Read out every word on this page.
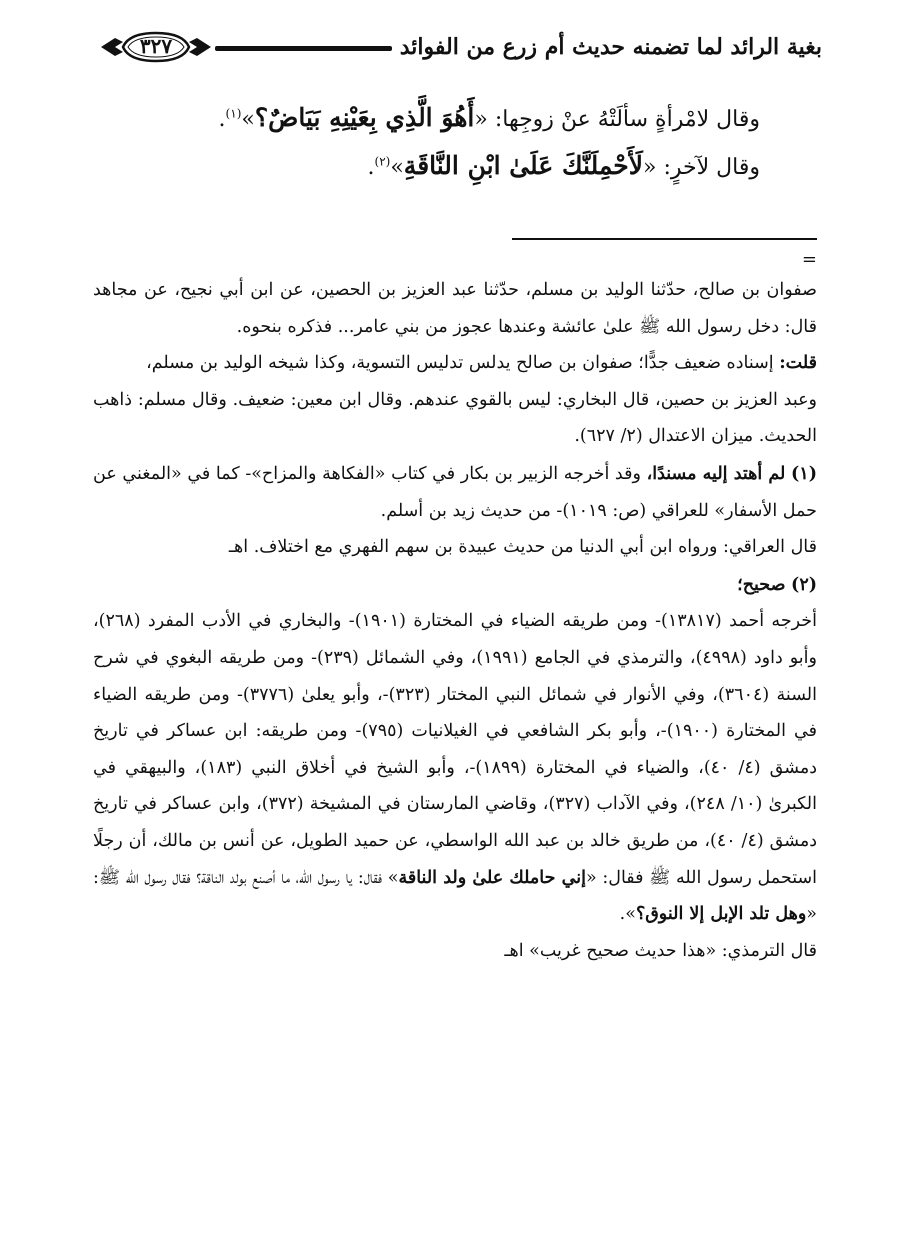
بغية الرائد لما تضمنه حديث أم زرع من الفوائد
٣٢٧

وقال لامْرأةٍ سألَتْهُ عنْ زوجِها: «أَهُوَ الَّذِي بِعَيْنِهِ بَيَاضٌ؟»$^{(١)}$.

وقال لآخرٍ: «لَأَحْمِلَنَّكَ عَلَىٰ ابْنِ النَّاقَةِ»$^{(٢)}$.

=

صفوان بن صالح، حدّثنا الوليد بن مسلم، حدّثنا عبد العزيز بن الحصين، عن ابن أبي نجيح، عن مجاهد قال: دخل رسول الله ﷺ علىٰ عائشة وعندها عجوز من بني عامر... فذكره بنحوه.

قلت: إسناده ضعيف جدًّا؛ صفوان بن صالح يدلس تدليس التسوية، وكذا شيخه الوليد بن مسلم،

وعبد العزيز بن حصين، قال البخاري: ليس بالقوي عندهم. وقال ابن معين: ضعيف. وقال مسلم: ذاهب الحديث. ميزان الاعتدال (٢/ ٦٢٧).

(١) لم أهتد إليه مسندًا، وقد أخرجه الزبير بن بكار في كتاب «الفكاهة والمزاح»- كما في «المغني عن حمل الأسفار» للعراقي (ص: ١٠١٩)- من حديث زيد بن أسلم.

قال العراقي: ورواه ابن أبي الدنيا من حديث عبيدة بن سهم الفهري مع اختلاف. اهـ

(٢) صحيح؛

أخرجه أحمد (١٣٨١٧)- ومن طريقه الضياء في المختارة (١٩٠١)- والبخاري في الأدب المفرد (٢٦٨)، وأبو داود (٤٩٩٨)، والترمذي في الجامع (١٩٩١)، وفي الشمائل (٢٣٩)- ومن طريقه البغوي في شرح السنة (٣٦٠٤)، وفي الأنوار في شمائل النبي المختار (٣٢٣)-، وأبو يعلىٰ (٣٧٧٦)- ومن طريقه الضياء في المختارة (١٩٠٠)-، وأبو بكر الشافعي في الغيلانيات (٧٩٥)- ومن طريقه: ابن عساكر في تاريخ دمشق (٤/ ٤٠)، والضياء في المختارة (١٨٩٩)-، وأبو الشيخ في أخلاق النبي (١٨٣)، والبيهقي في الكبرىٰ (١٠/ ٢٤٨)، وفي الآداب (٣٢٧)، وقاضي المارستان في المشيخة (٣٧٢)، وابن عساكر في تاريخ دمشق (٤/ ٤٠)، من طريق خالد بن عبد الله الواسطي، عن حميد الطويل، عن أنس بن مالك، أن رجلًا استحمل رسول الله ﷺ فقال: «إني حاملك علىٰ ولد الناقة» فقال: يا رسول الله، ما أصنع بولد الناقة؟ فقال رسول الله ﷺ: «وهل تلد الإبل إلا النوق؟».

قال الترمذي: «هذا حديث صحيح غريب» اهـ
